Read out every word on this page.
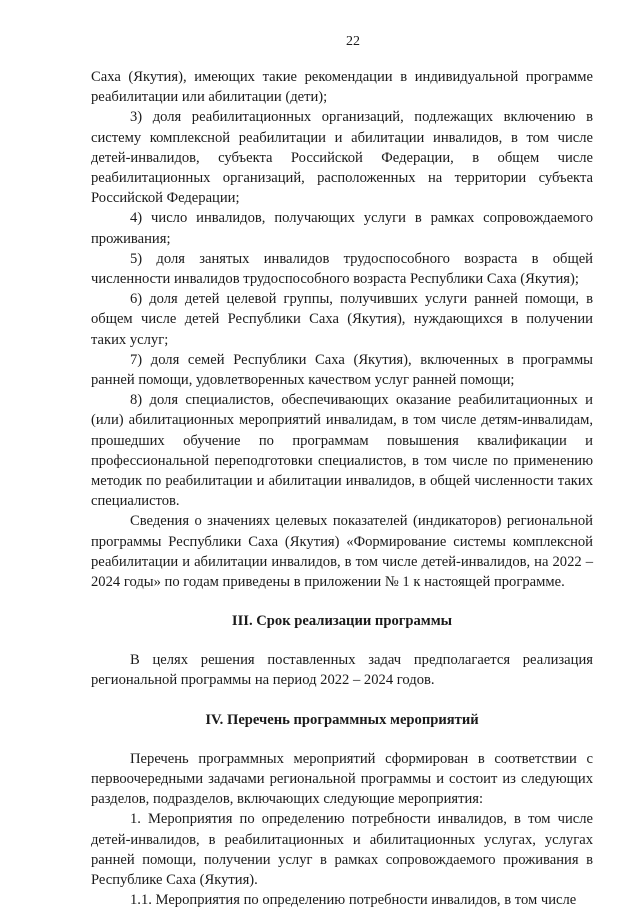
22

Саха (Якутия), имеющих такие рекомендации в индивидуальной программе реабилитации или абилитации (дети);

3) доля реабилитационных организаций, подлежащих включению в систему комплексной реабилитации и абилитации инвалидов, в том числе детей-инвалидов, субъекта Российской Федерации, в общем числе реабилитационных организаций, расположенных на территории субъекта Российской Федерации;

4) число инвалидов, получающих услуги в рамках сопровождаемого проживания;

5) доля занятых инвалидов трудоспособного возраста в общей численности инвалидов трудоспособного возраста Республики Саха (Якутия);

6) доля детей целевой группы, получивших услуги ранней помощи, в общем числе детей Республики Саха (Якутия), нуждающихся в получении таких услуг;

7) доля семей Республики Саха (Якутия), включенных в программы ранней помощи, удовлетворенных качеством услуг ранней помощи;

8) доля специалистов, обеспечивающих оказание реабилитационных и (или) абилитационных мероприятий инвалидам, в том числе детям-инвалидам, прошедших обучение по программам повышения квалификации и профессиональной переподготовки специалистов, в том числе по применению методик по реабилитации и абилитации инвалидов, в общей численности таких специалистов.

Сведения о значениях целевых показателей (индикаторов) региональной программы Республики Саха (Якутия) «Формирование системы комплексной реабилитации и абилитации инвалидов, в том числе детей-инвалидов, на 2022 – 2024 годы» по годам приведены в приложении № 1 к настоящей программе.

III. Срок реализации программы

В целях решения поставленных задач предполагается реализация региональной программы на период 2022 – 2024 годов.

IV. Перечень программных мероприятий

Перечень программных мероприятий сформирован в соответствии с первоочередными задачами региональной программы и состоит из следующих разделов, подразделов, включающих следующие мероприятия:

1. Мероприятия по определению потребности инвалидов, в том числе детей-инвалидов, в реабилитационных и абилитационных услугах, услугах ранней помощи, получении услуг в рамках сопровождаемого проживания в Республике Саха (Якутия).

1.1. Мероприятия по определению потребности инвалидов, в том числе
